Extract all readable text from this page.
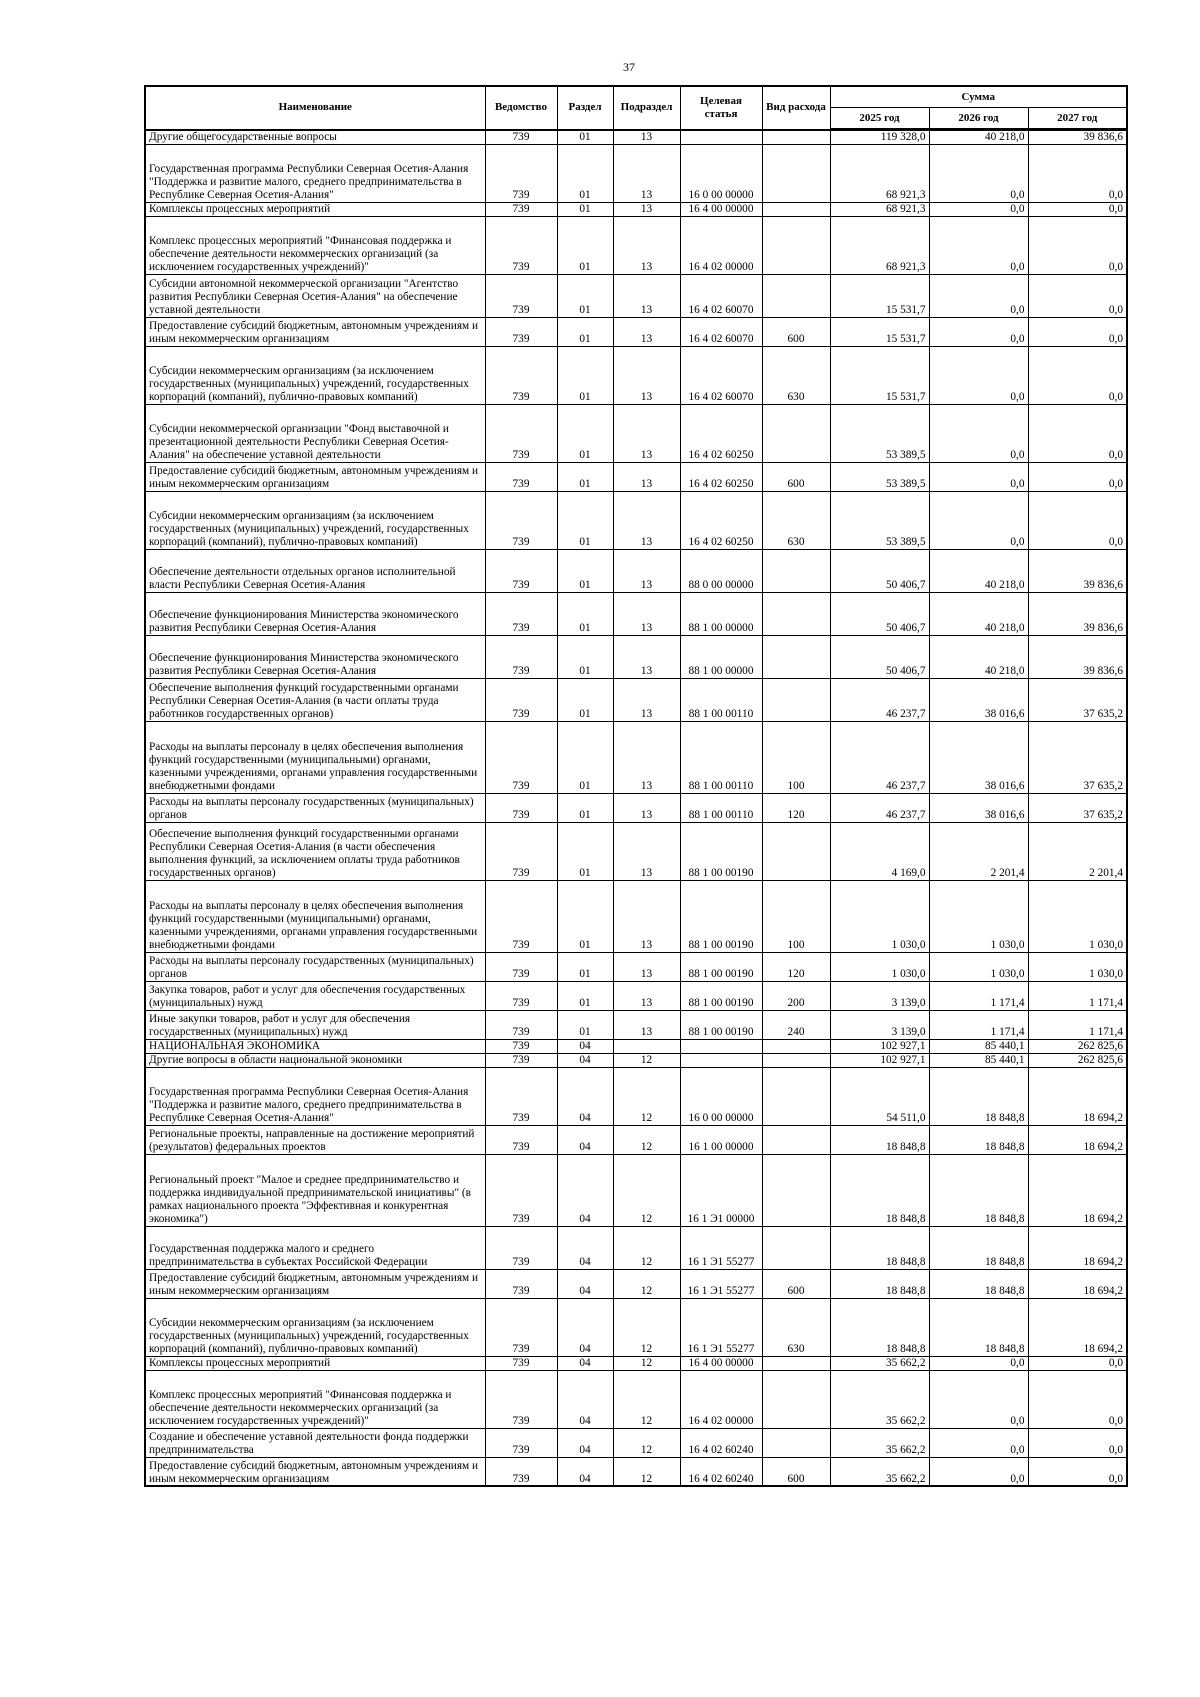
37
Наименование	Ведомство	Раздел	Подраздел	Целевая статья	Вид расхода	Сумма		
						2025 год	2026 год	2027 год
Другие общегосударственные вопросы	739	01	13			119 328,0	40 218,0	39 836,6
Государственная программа Республики Северная Осетия-Алания "Поддержка и развитие малого, среднего предпринимательства в Республике Северная Осетия-Алания"	739	01	13	16 0 00 00000		68 921,3	0,0	0,0
Комплексы процессных мероприятий	739	01	13	16 4 00 00000		68 921,3	0,0	0,0
Комплекс процессных мероприятий "Финансовая поддержка и обеспечение деятельности некоммерческих организаций (за исключением государственных учреждений)"	739	01	13	16 4 02 00000		68 921,3	0,0	0,0
Субсидии автономной некоммерческой организации "Агентство развития Республики Северная Осетия-Алания" на обеспечение уставной деятельности	739	01	13	16 4 02 60070		15 531,7	0,0	0,0
Предоставление субсидий бюджетным, автономным учреждениям и иным некоммерческим организациям	739	01	13	16 4 02 60070	600	15 531,7	0,0	0,0
Субсидии некоммерческим организациям (за исключением государственных (муниципальных) учреждений, государственных корпораций (компаний), публично-правовых компаний)	739	01	13	16 4 02 60070	630	15 531,7	0,0	0,0
Субсидии некоммерческой организации "Фонд выставочной и презентационной деятельности Республики Северная Осетия-Алания" на обеспечение уставной деятельности	739	01	13	16 4 02 60250		53 389,5	0,0	0,0
Предоставление субсидий бюджетным, автономным учреждениям и иным некоммерческим организациям	739	01	13	16 4 02 60250	600	53 389,5	0,0	0,0
Субсидии некоммерческим организациям (за исключением государственных (муниципальных) учреждений, государственных корпораций (компаний), публично-правовых компаний)	739	01	13	16 4 02 60250	630	53 389,5	0,0	0,0
Обеспечение деятельности отдельных органов исполнительной власти Республики Северная Осетия-Алания	739	01	13	88 0 00 00000		50 406,7	40 218,0	39 836,6
Обеспечение функционирования Министерства экономического развития Республики Северная Осетия-Алания	739	01	13	88 1 00 00000		50 406,7	40 218,0	39 836,6
Обеспечение функционирования Министерства экономического развития Республики Северная Осетия-Алания	739	01	13	88 1 00 00000		50 406,7	40 218,0	39 836,6
Обеспечение выполнения функций государственными органами Республики Северная Осетия-Алания (в части оплаты труда работников государственных органов)	739	01	13	88 1 00 00110		46 237,7	38 016,6	37 635,2
Расходы на выплаты персоналу в целях обеспечения выполнения функций государственными (муниципальными) органами, казенными учреждениями, органами управления государственными внебюджетными фондами	739	01	13	88 1 00 00110	100	46 237,7	38 016,6	37 635,2
Расходы на выплаты персоналу государственных (муниципальных) органов	739	01	13	88 1 00 00110	120	46 237,7	38 016,6	37 635,2
Обеспечение выполнения функций государственными органами Республики Северная Осетия-Алания (в части обеспечения выполнения функций, за исключением оплаты труда работников государственных органов)	739	01	13	88 1 00 00190		4 169,0	2 201,4	2 201,4
Расходы на выплаты персоналу в целях обеспечения выполнения функций государственными (муниципальными) органами, казенными учреждениями, органами управления государственными внебюджетными фондами	739	01	13	88 1 00 00190	100	1 030,0	1 030,0	1 030,0
Расходы на выплаты персоналу государственных (муниципальных) органов	739	01	13	88 1 00 00190	120	1 030,0	1 030,0	1 030,0
Закупка товаров, работ и услуг для обеспечения государственных (муниципальных) нужд	739	01	13	88 1 00 00190	200	3 139,0	1 171,4	1 171,4
Иные закупки товаров, работ и услуг для обеспечения государственных (муниципальных) нужд	739	01	13	88 1 00 00190	240	3 139,0	1 171,4	1 171,4
НАЦИОНАЛЬНАЯ ЭКОНОМИКА	739	04				102 927,1	85 440,1	262 825,6
Другие вопросы в области национальной экономики	739	04	12			102 927,1	85 440,1	262 825,6
Государственная программа Республики Северная Осетия-Алания "Поддержка и развитие малого, среднего предпринимательства в Республике Северная Осетия-Алания"	739	04	12	16 0 00 00000		54 511,0	18 848,8	18 694,2
Региональные проекты, направленные на достижение мероприятий (результатов) федеральных проектов	739	04	12	16 1 00 00000		18 848,8	18 848,8	18 694,2
Региональный проект "Малое и среднее предпринимательство и поддержка индивидуальной предпринимательской инициативы" (в рамках национального проекта "Эффективная и конкурентная экономика")	739	04	12	16 1 Э1 00000		18 848,8	18 848,8	18 694,2
Государственная поддержка малого и среднего предпринимательства в субъектах Российской Федерации	739	04	12	16 1 Э1 55277		18 848,8	18 848,8	18 694,2
Предоставление субсидий бюджетным, автономным учреждениям и иным некоммерческим организациям	739	04	12	16 1 Э1 55277	600	18 848,8	18 848,8	18 694,2
Субсидии некоммерческим организациям (за исключением государственных (муниципальных) учреждений, государственных корпораций (компаний), публично-правовых компаний)	739	04	12	16 1 Э1 55277	630	18 848,8	18 848,8	18 694,2
Комплексы процессных мероприятий	739	04	12	16 4 00 00000		35 662,2	0,0	0,0
Комплекс процессных мероприятий "Финансовая поддержка и обеспечение деятельности некоммерческих организаций (за исключением государственных учреждений)"	739	04	12	16 4 02 00000		35 662,2	0,0	0,0
Создание и обеспечение уставной деятельности фонда поддержки предпринимательства	739	04	12	16 4 02 60240		35 662,2	0,0	0,0
Предоставление субсидий бюджетным, автономным учреждениям и иным некоммерческим организациям	739	04	12	16 4 02 60240	600	35 662,2	0,0	0,0
